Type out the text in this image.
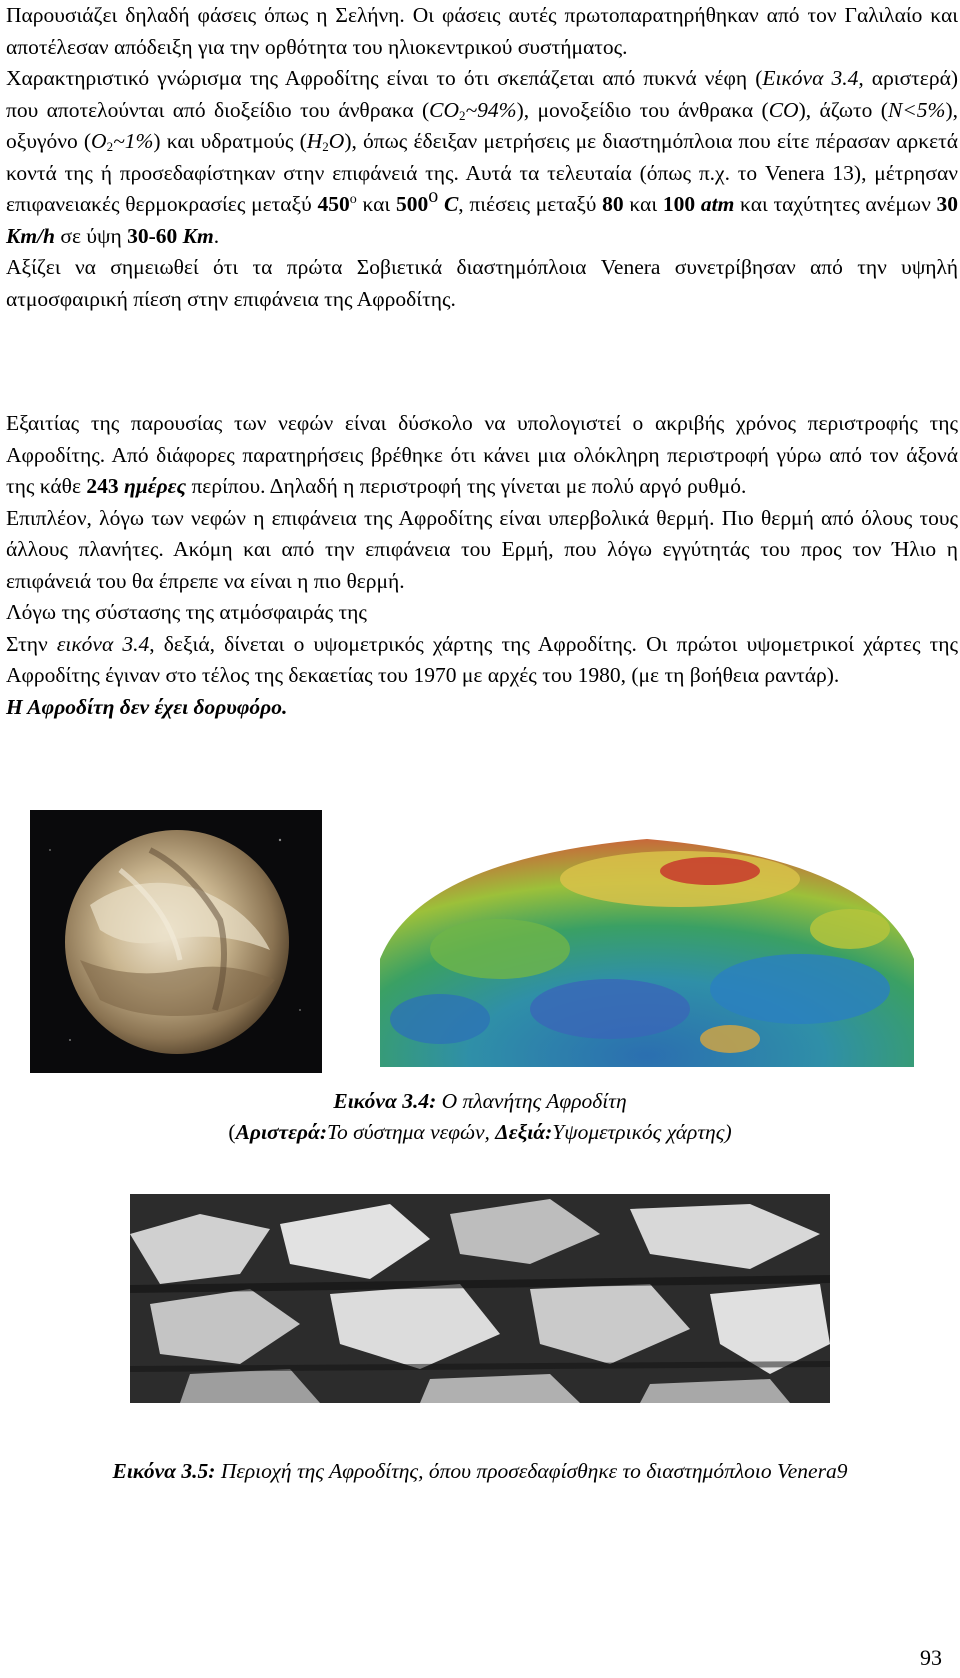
Παρουσιάζει δηλαδή φάσεις όπως η Σελήνη. Οι φάσεις αυτές πρωτοπαρατηρήθηκαν από τον Γαλιλαίο και αποτέλεσαν απόδειξη για την ορθότητα του ηλιοκεντρικού συστήματος.

Χαρακτηριστικό γνώρισμα της Αφροδίτης είναι το ότι σκεπάζεται από πυκνά νέφη (Εικόνα 3.4, αριστερά) που αποτελούνται από διοξείδιο του άνθρακα $(CO_2\sim 94\%)$, μονοξείδιο του άνθρακα (CO), άζωτο (N<5%), οξυγόνο $(O_2\sim 1\%)$ και υδρατμούς $(H_2O)$, όπως έδειξαν μετρήσεις με διαστημόπλοια που είτε πέρασαν αρκετά κοντά της ή προσεδαφίστηκαν στην επιφάνειά της. Αυτά τα τελευταία (όπως π.χ. το Venera 13), μέτρησαν επιφανειακές θερμοκρασίες μεταξύ 450$^o$ και 500$^o$ C, πιέσεις μεταξύ 80 και 100 atm και ταχύτητες ανέμων 30 Km/h σε ύψη 30-60 Km.

Αξίζει να σημειωθεί ότι τα πρώτα Σοβιετικά διαστημόπλοια Venera συνετρίβησαν από την υψηλή ατμοσφαιρική πίεση στην επιφάνεια της Αφροδίτης.

Εξαιτίας της παρουσίας των νεφών είναι δύσκολο να υπολογιστεί ο ακριβής χρόνος περιστροφής της Αφροδίτης. Από διάφορες παρατηρήσεις βρέθηκε ότι κάνει μια ολόκληρη περιστροφή γύρω από τον άξονά της κάθε 243 ημέρες περίπου. Δηλαδή η περιστροφή της γίνεται με πολύ αργό ρυθμό.

Επιπλέον, λόγω των νεφών η επιφάνεια της Αφροδίτης είναι υπερβολικά θερμή. Πιο θερμή από όλους τους άλλους πλανήτες. Ακόμη και από την επιφάνεια του Ερμή, που λόγω εγγύτητάς του προς τον Ήλιο η επιφάνειά του θα έπρεπε να είναι η πιο θερμή.

Λόγω της σύστασης της ατμόσφαιράς της

Στην εικόνα 3.4, δεξιά, δίνεται ο υψομετρικός χάρτης της Αφροδίτης. Οι πρώτοι υψομετρικοί χάρτες της Αφροδίτης έγιναν στο τέλος της δεκαετίας του 1970 με αρχές του 1980, (με τη βοήθεια ραντάρ).

Η Αφροδίτη δεν έχει δορυφόρο.

Εικόνα 3.4: Ο πλανήτης Αφροδίτη
(Αριστερά:Το σύστημα νεφών, Δεξιά:Υψομετρικός χάρτης)
Εικόνα 3.5: Περιοχή της Αφροδίτης, όπου προσεδαφίσθηκε το διαστημόπλοιο Venera9
93
